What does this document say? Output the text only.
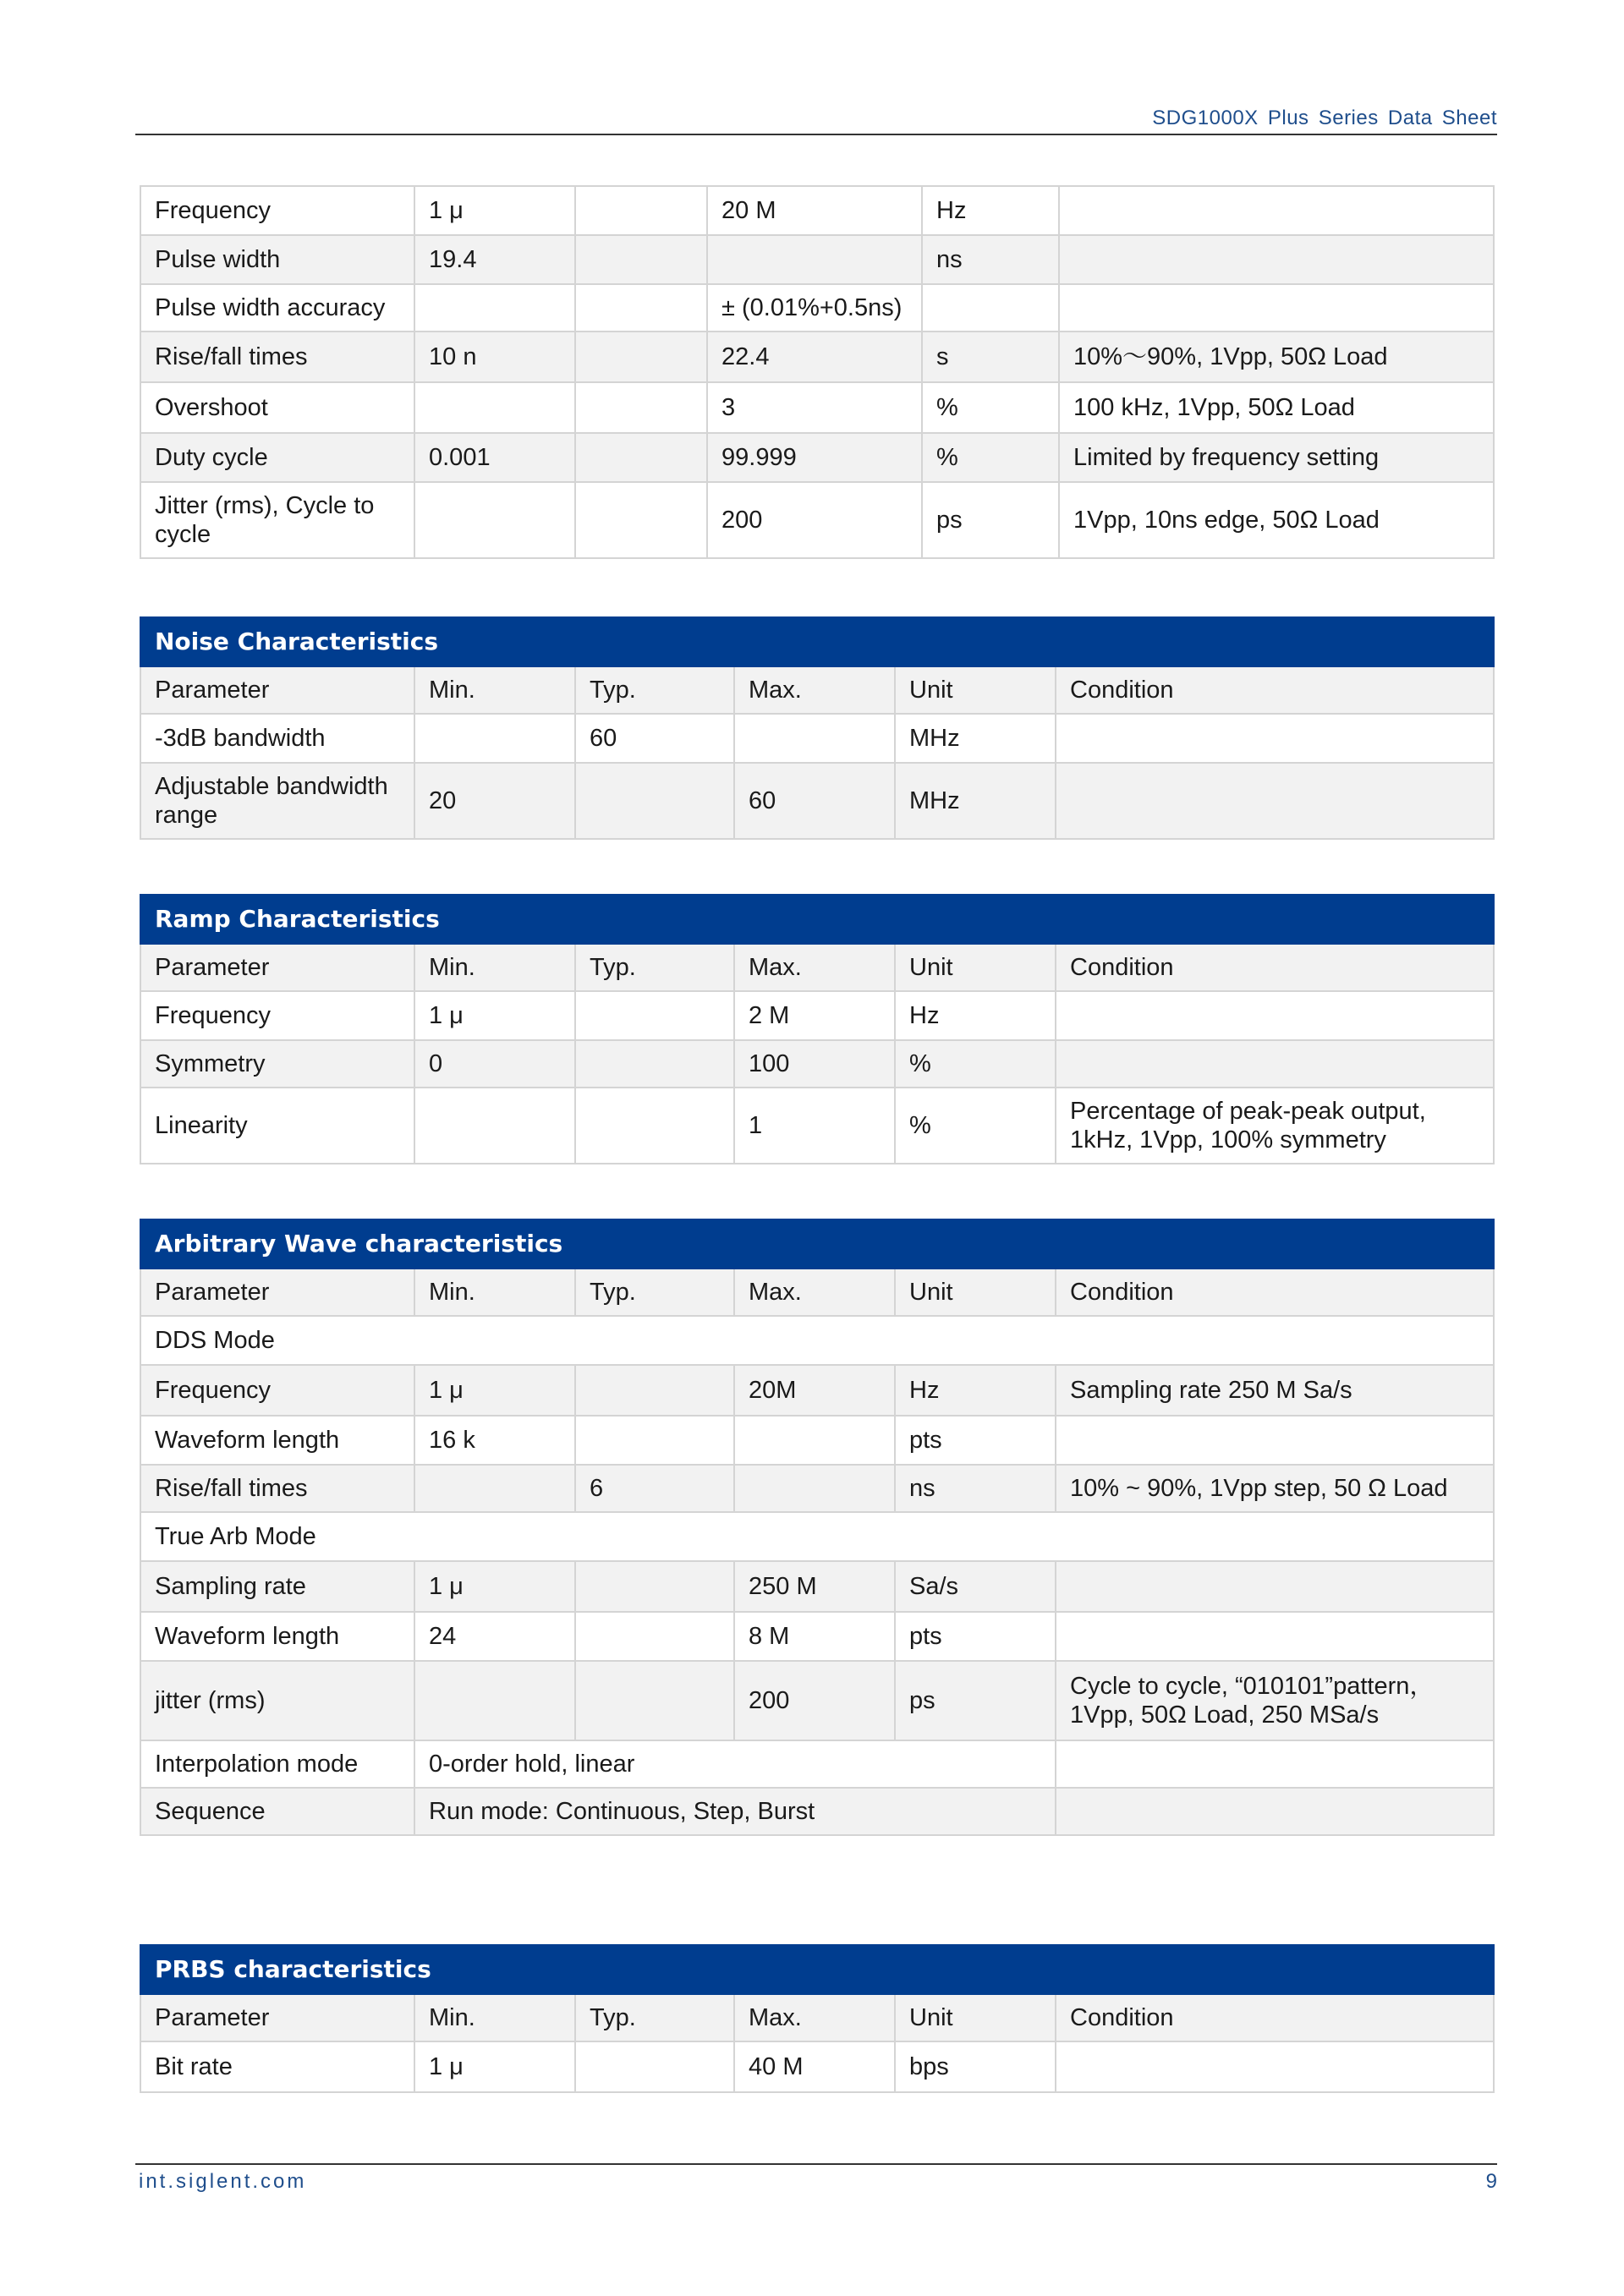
SDG1000X Plus Series Data Sheet
Frequency	1 μ		20 M	Hz	
Pulse width	19.4			ns	
Pulse width accuracy			± (0.01%+0.5ns)		
Rise/fall times	10 n		22.4	s	10%～90%, 1Vpp, 50Ω Load
Overshoot			3	%	100 kHz, 1Vpp, 50Ω Load
Duty cycle	0.001		99.999	%	Limited by frequency setting
Jitter (rms), Cycle to cycle			200	ps	1Vpp, 10ns edge, 50Ω Load
Noise Characteristics					
Parameter	Min.	Typ.	Max.	Unit	Condition
-3dB bandwidth		60		MHz	
Adjustable bandwidth range	20		60	MHz	
Ramp Characteristics					
Parameter	Min.	Typ.	Max.	Unit	Condition
Frequency	1 μ		2 M	Hz	
Symmetry	0		100	%	
Linearity			1	%	Percentage of peak-peak output, 1kHz, 1Vpp, 100% symmetry
Arbitrary Wave characteristics					
Parameter	Min.	Typ.	Max.	Unit	Condition
DDS Mode					
Frequency	1 μ		20M	Hz	Sampling rate 250 M Sa/s
Waveform length	16 k			pts	
Rise/fall times		6		ns	10% ~ 90%, 1Vpp step, 50 Ω Load
True Arb Mode					
Sampling rate	1 μ		250 M	Sa/s	
Waveform length	24		8 M	pts	
jitter (rms)			200	ps	Cycle to cycle, “010101”pattern，1Vpp, 50Ω Load, 250 MSa/s
Interpolation mode	0-order hold, linear				
Sequence	Run mode: Continuous, Step, Burst				
PRBS characteristics					
Parameter	Min.	Typ.	Max.	Unit	Condition
Bit rate	1 μ		40 M	bps	
int.siglent.com	9
